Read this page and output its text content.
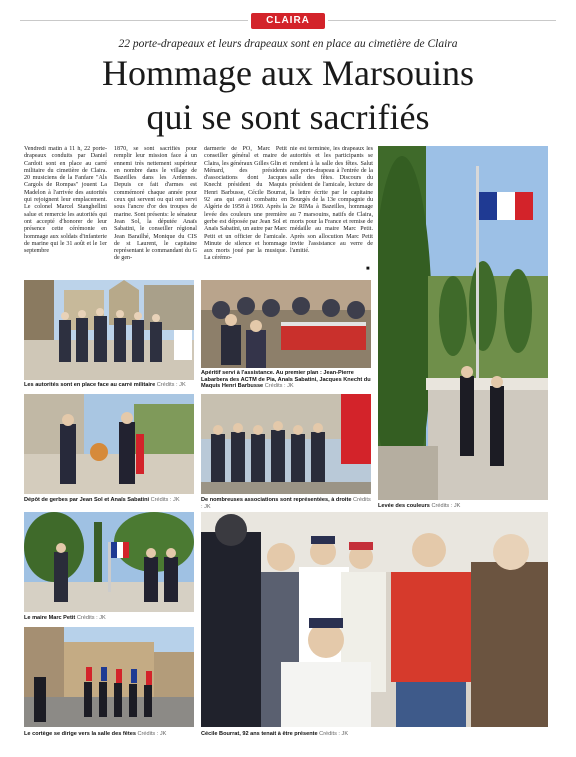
CLAIRA
22 porte-drapeaux et leurs drapeaux sont en place au cimetière de Claira
Hommage aux Marsouins
qui se sont sacrifiés
Vendredi matin à 11 h, 22 porte-drapeaux conduits par Daniel Cardoit sont en place au carré militaire du cimetière de Claira. 20 musiciens de la Fanfare "Als Cargols de Rompas" jouent La Madelon à l'arrivée des autorités qui rejoignent leur emplacement. Le colonel Marcel Stanghellini salue et remercie les autorités qui ont accepté d'honorer de leur présence cette cérémonie en hommage aux soldats d'infanterie de marine qui le 31 août et le 1er septembre
1870, se sont sacrifiés pour remplir leur mission face à un ennemi très nettement supérieur en nombre dans le village de Bazeilles dans les Ardennes. Depuis ce fait d'armes est commémoré chaque année pour ceux qui servent ou qui ont servi sous l'ancre d'or des troupes de marine. Sont présents: le sénateur Jean Sol, la députée Anaïs Sabatini, le conseiller régional Jean Barailhé, Monique du CIS de st Laurent, le capitaine représentant le commandant du G de gen-
darmerie de PO, Marc Petit conseiller général et maire de Claira, les généraux Gilles Glin et Ménard, des présidents d'associations dont Jacques Knecht président du Maquis Henri Barbusse, Cécile Bourrat, 92 ans qui avait combattu en Algérie de 1958 à 1960. Après la levée des couleurs une première gerbe est déposée par Jean Sol et Anaïs Sabatini, un autre par Marc Petit et un officier de l'amicale. Minute de silence et hommage aux morts joué par la musique. La cérémo-
nie est terminée, les drapeaux les autorités et les participants se rendent à la salle des fêtes. Salut aux porte-drapeau à l'entrée de la salle des fêtes. Discours du président de l'amicale, lecture de la lettre écrite par le capitaine Bourgès de la 13e compagnie du 2e RIMa à Bazeilles, hommage au 7 marsouins, natifs de Claira, morts pour la France et remise de médaille au maire Marc Petit. Après son allocution Marc Petit invite l'assistance au verre de l'amitié.
■
Les autorités sont en place face au carré militaire Crédits : JK
Apéritif servi à l'assistance. Au premier plan : Jean-Pierre Labarbera des ACTM de Pia, Anaïs Sabatini, Jacques Knecht du Maquis Henri Barbusse Crédits : JK
Levée des couleurs Crédits : JK
Dépôt de gerbes par Jean Sol et Anaïs Sabatini Crédits : JK	De nombreuses associations sont représentées, à droite Crédits : JK
Le maire Marc Petit Crédits : JK
Le cortège se dirige vers la salle des fêtes Crédits : JK	Cécile Bourrat, 92 ans tenait à être présente Crédits : JK
